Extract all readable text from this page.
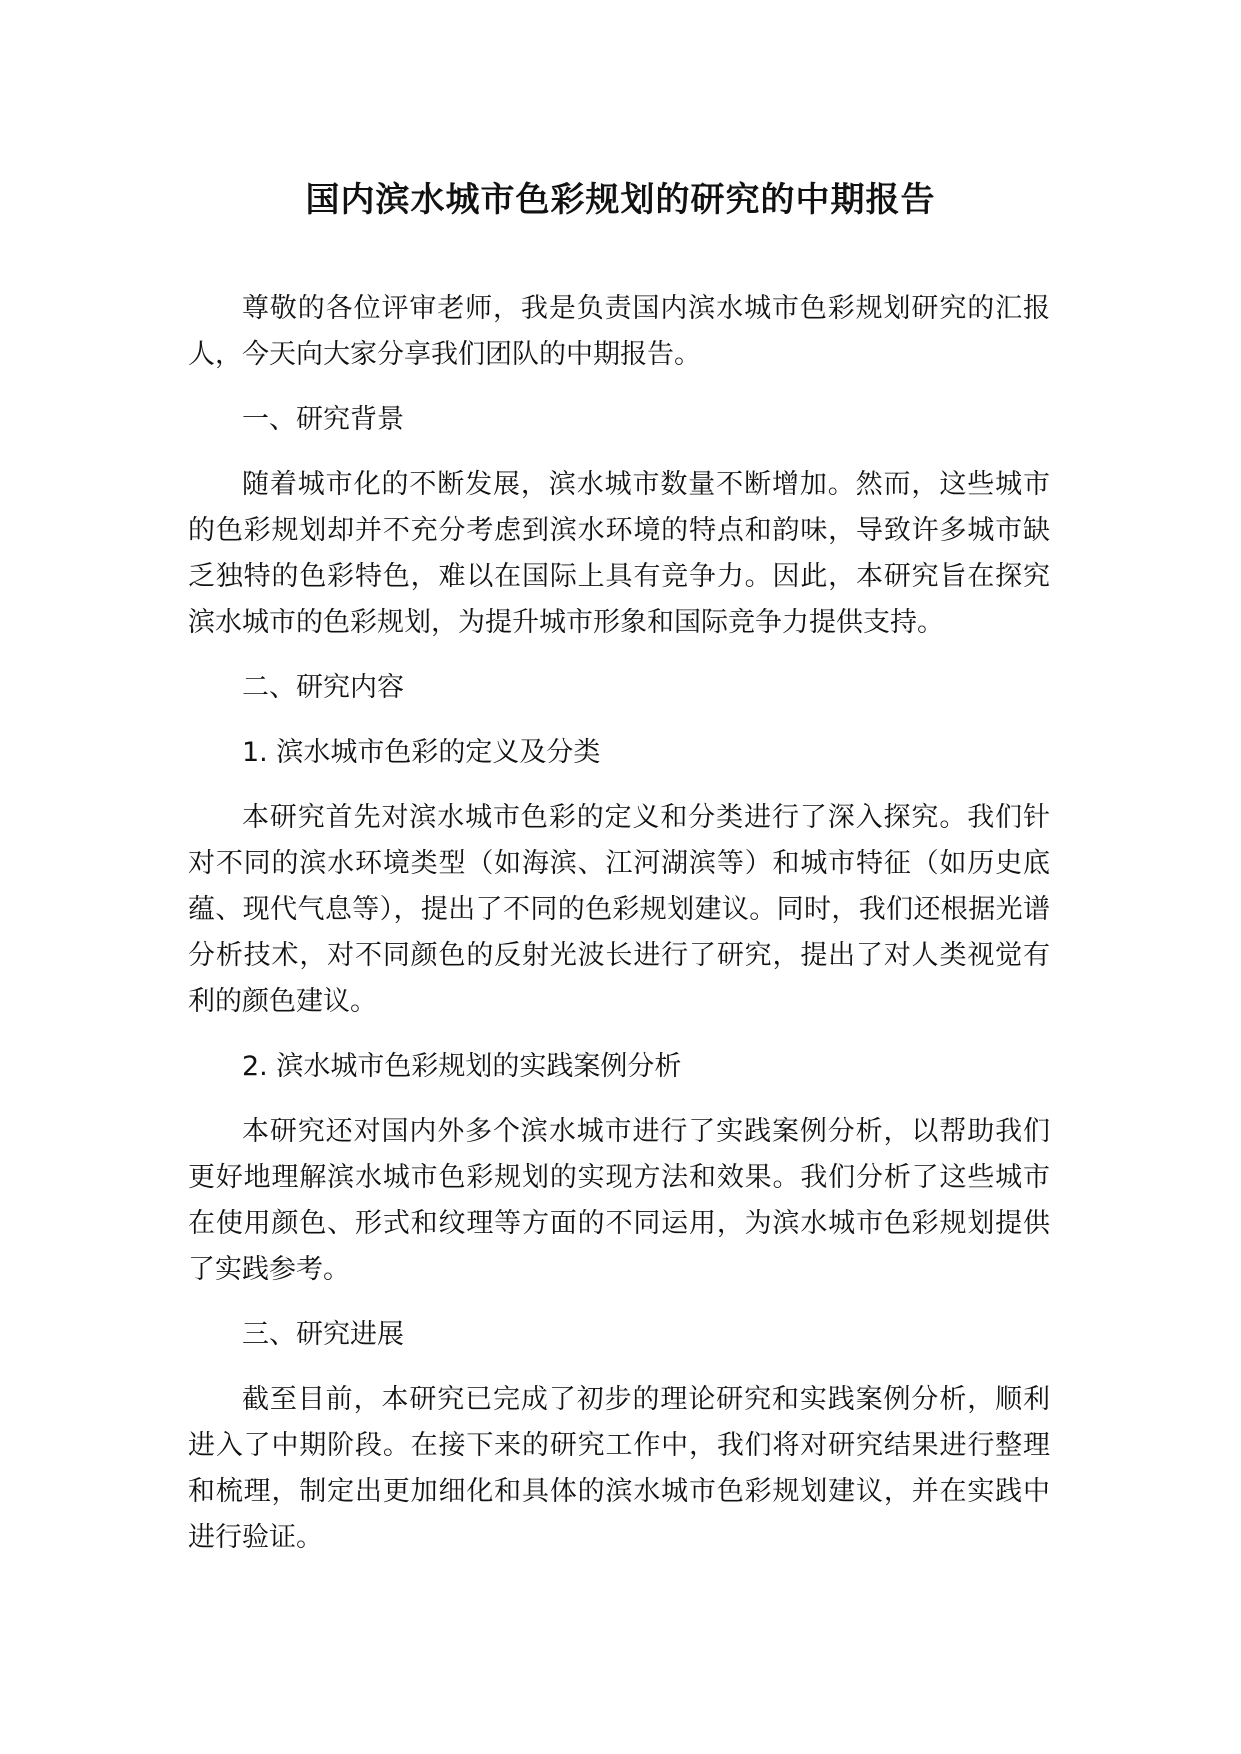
国内滨水城市色彩规划的研究的中期报告

尊敬的各位评审老师，我是负责国内滨水城市色彩规划研究的汇报人，今天向大家分享我们团队的中期报告。

一、研究背景

随着城市化的不断发展，滨水城市数量不断增加。然而，这些城市的色彩规划却并不充分考虑到滨水环境的特点和韵味，导致许多城市缺乏独特的色彩特色，难以在国际上具有竞争力。因此，本研究旨在探究滨水城市的色彩规划，为提升城市形象和国际竞争力提供支持。

二、研究内容

1. 滨水城市色彩的定义及分类

本研究首先对滨水城市色彩的定义和分类进行了深入探究。我们针对不同的滨水环境类型（如海滨、江河湖滨等）和城市特征（如历史底蕴、现代气息等），提出了不同的色彩规划建议。同时，我们还根据光谱分析技术，对不同颜色的反射光波长进行了研究，提出了对人类视觉有利的颜色建议。

2. 滨水城市色彩规划的实践案例分析

本研究还对国内外多个滨水城市进行了实践案例分析，以帮助我们更好地理解滨水城市色彩规划的实现方法和效果。我们分析了这些城市在使用颜色、形式和纹理等方面的不同运用，为滨水城市色彩规划提供了实践参考。

三、研究进展

截至目前，本研究已完成了初步的理论研究和实践案例分析，顺利进入了中期阶段。在接下来的研究工作中，我们将对研究结果进行整理和梳理，制定出更加细化和具体的滨水城市色彩规划建议，并在实践中进行验证。
